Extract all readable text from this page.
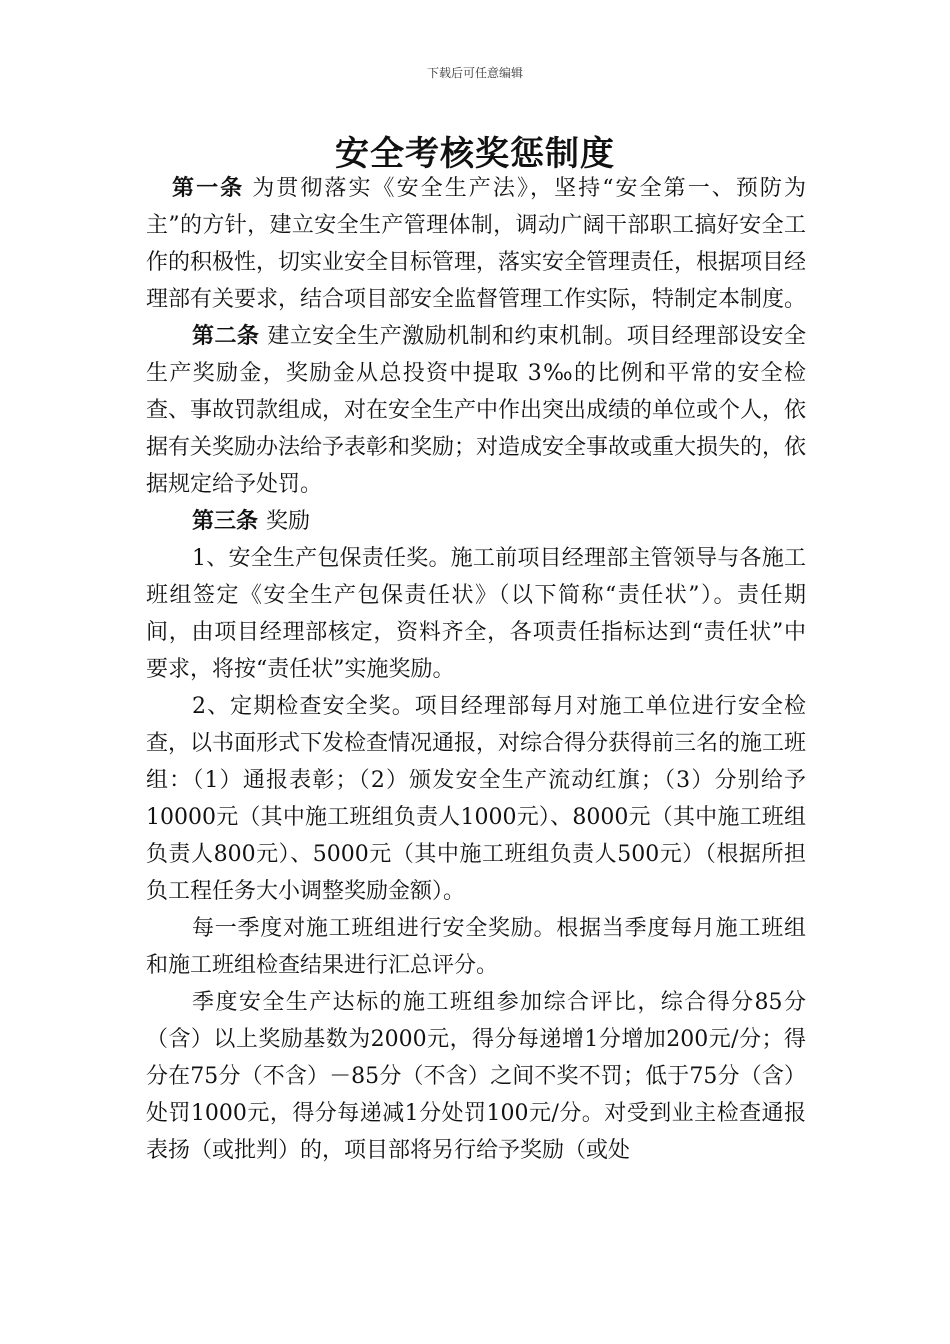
下载后可任意编辑
安全考核奖惩制度

第一条 为贯彻落实《安全生产法》，坚持“安全第一、预防为主”的方针，建立安全生产管理体制，调动广阔干部职工搞好安全工作的积极性，切实业安全目标管理，落实安全管理责任，根据项目经理部有关要求，结合项目部安全监督管理工作实际，特制定本制度。

第二条 建立安全生产激励机制和约束机制。项目经理部设安全生产奖励金，奖励金从总投资中提取 3‰的比例和平常的安全检查、事故罚款组成，对在安全生产中作出突出成绩的单位或个人，依据有关奖励办法给予表彰和奖励；对造成安全事故或重大损失的，依据规定给予处罚。

第三条 奖励

1、安全生产包保责任奖。施工前项目经理部主管领导与各施工班组签定《安全生产包保责任状》（以下简称“责任状”）。责任期间，由项目经理部核定，资料齐全，各项责任指标达到“责任状”中要求，将按“责任状”实施奖励。

2、定期检查安全奖。项目经理部每月对施工单位进行安全检查，以书面形式下发检查情况通报，对综合得分获得前三名的施工班组：（1）通报表彰；（2）颁发安全生产流动红旗；（3）分别给予10000元（其中施工班组负责人1000元）、8000元（其中施工班组负责人800元）、5000元（其中施工班组负责人500元）（根据所担负工程任务大小调整奖励金额）。

每一季度对施工班组进行安全奖励。根据当季度每月施工班组和施工班组检查结果进行汇总评分。

季度安全生产达标的施工班组参加综合评比，综合得分85分（含）以上奖励基数为2000元，得分每递增1分增加200元/分；得分在75分（不含）－85分（不含）之间不奖不罚；低于75分（含）处罚1000元，得分每递减1分处罚100元/分。对受到业主检查通报表扬（或批判）的，项目部将另行给予奖励（或处
